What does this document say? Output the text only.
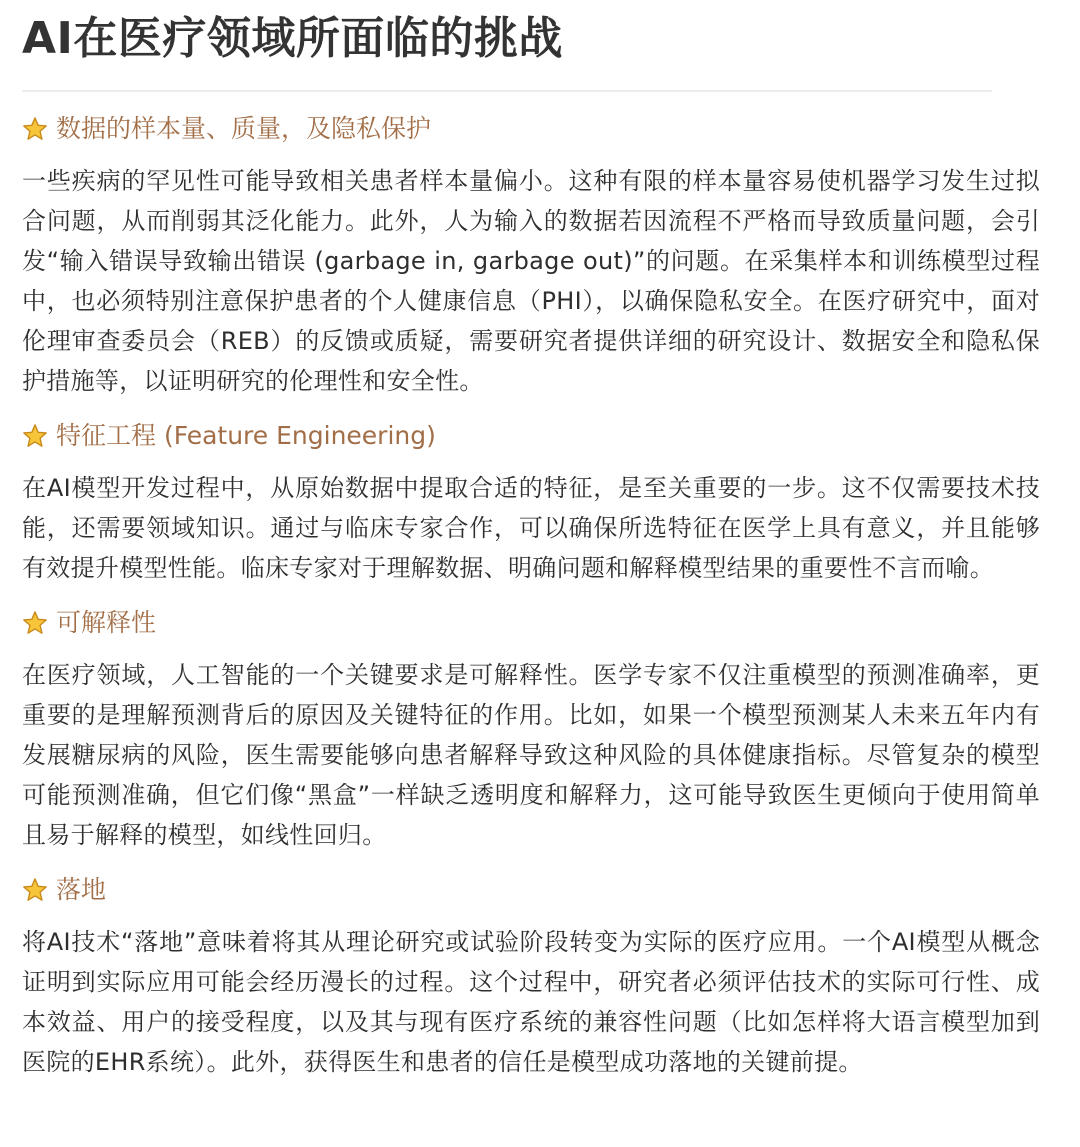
AI在医疗领域所面临的挑战
数据的样本量、质量，及隐私保护

一些疾病的罕见性可能导致相关患者样本量偏小。这种有限的样本量容易使机器学习发生过拟合问题，从而削弱其泛化能力。此外，人为输入的数据若因流程不严格而导致质量问题，会引发“输入错误导致输出错误 (garbage in, garbage out)”的问题。在采集样本和训练模型过程中，也必须特别注意保护患者的个人健康信息（PHI），以确保隐私安全。在医疗研究中，面对伦理审查委员会（REB）的反馈或质疑，需要研究者提供详细的研究设计、数据安全和隐私保护措施等，以证明研究的伦理性和安全性。

特征工程 (Feature Engineering)

在AI模型开发过程中，从原始数据中提取合适的特征，是至关重要的一步。这不仅需要技术技能，还需要领域知识。通过与临床专家合作，可以确保所选特征在医学上具有意义，并且能够有效提升模型性能。临床专家对于理解数据、明确问题和解释模型结果的重要性不言而喻。

可解释性

在医疗领域，人工智能的一个关键要求是可解释性。医学专家不仅注重模型的预测准确率，更重要的是理解预测背后的原因及关键特征的作用。比如，如果一个模型预测某人未来五年内有发展糖尿病的风险，医生需要能够向患者解释导致这种风险的具体健康指标。尽管复杂的模型可能预测准确，但它们像“黑盒”一样缺乏透明度和解释力，这可能导致医生更倾向于使用简单且易于解释的模型，如线性回归。

落地

将AI技术“落地”意味着将其从理论研究或试验阶段转变为实际的医疗应用。一个AI模型从概念证明到实际应用可能会经历漫长的过程。这个过程中，研究者必须评估技术的实际可行性、成本效益、用户的接受程度，以及其与现有医疗系统的兼容性问题（比如怎样将大语言模型加到医院的EHR系统）。此外，获得医生和患者的信任是模型成功落地的关键前提。
